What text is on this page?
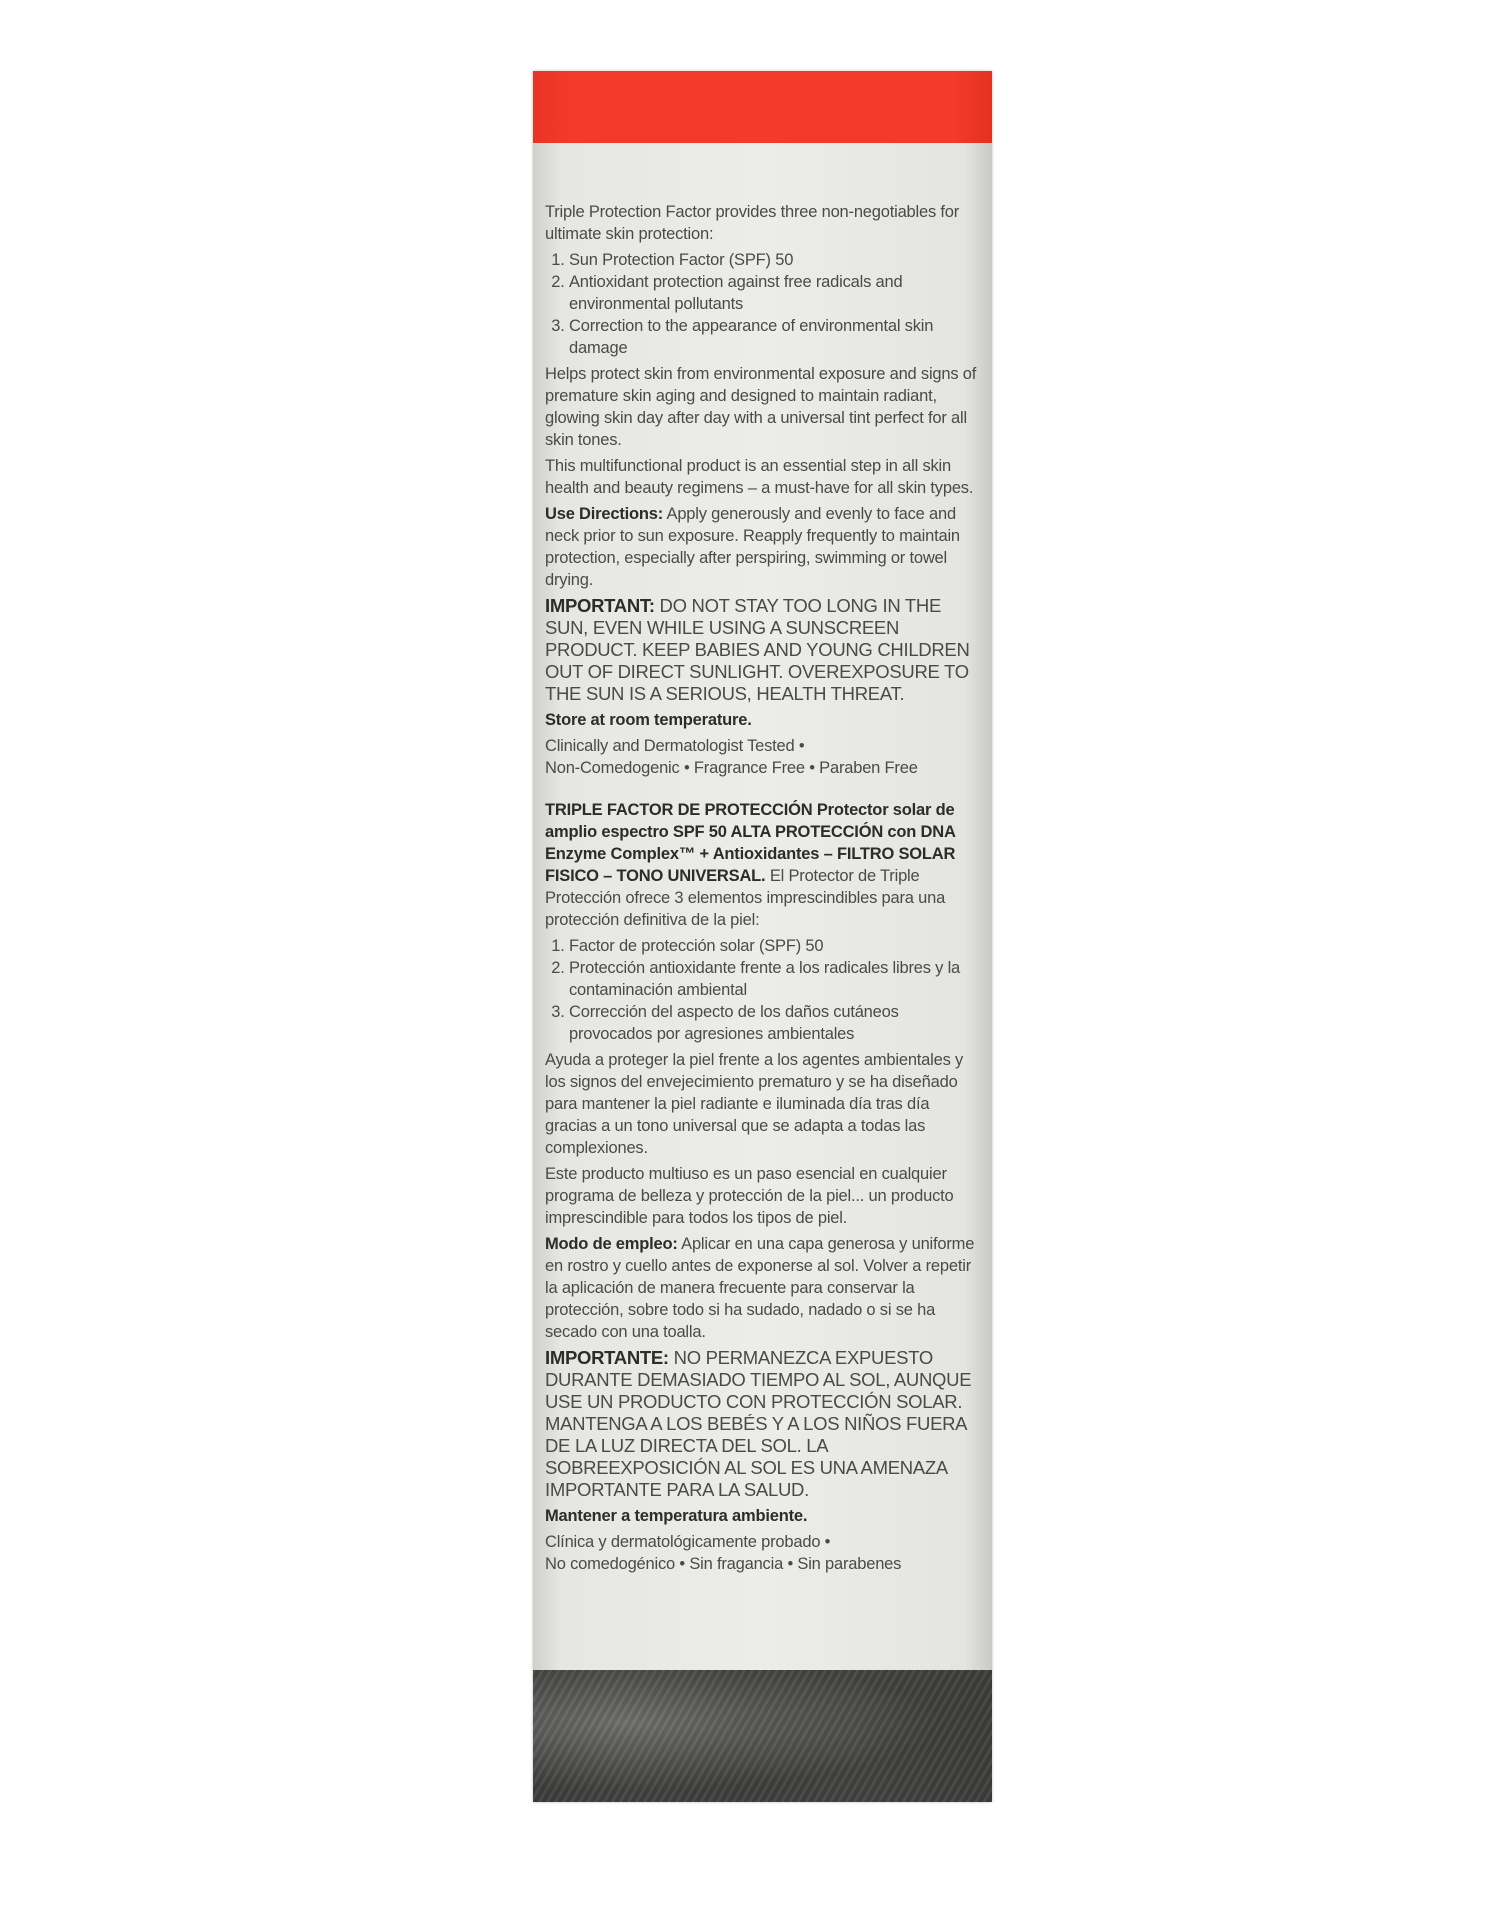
Triple Protection Factor provides three non-negotiables for ultimate skin protection:

1. Sun Protection Factor (SPF) 50
2. Antioxidant protection against free radicals and environmental pollutants
3. Correction to the appearance of environmental skin damage

Helps protect skin from environmental exposure and signs of premature skin aging and designed to maintain radiant, glowing skin day after day with a universal tint perfect for all skin tones.

This multifunctional product is an essential step in all skin health and beauty regimens – a must-have for all skin types.

Use Directions: Apply generously and evenly to face and neck prior to sun exposure. Reapply frequently to maintain protection, especially after perspiring, swimming or towel drying.

IMPORTANT: DO NOT STAY TOO LONG IN THE SUN, EVEN WHILE USING A SUNSCREEN PRODUCT. KEEP BABIES AND YOUNG CHILDREN OUT OF DIRECT SUNLIGHT. OVEREXPOSURE TO THE SUN IS A SERIOUS, HEALTH THREAT.

Store at room temperature.

Clinically and Dermatologist Tested •
Non-Comedogenic • Fragrance Free • Paraben Free

TRIPLE FACTOR DE PROTECCIÓN Protector solar de amplio espectro SPF 50 ALTA PROTECCIÓN con DNA Enzyme Complex™ + Antioxidantes – FILTRO SOLAR FISICO – TONO UNIVERSAL. El Protector de Triple Protección ofrece 3 elementos imprescindibles para una protección definitiva de la piel:

1. Factor de protección solar (SPF) 50
2. Protección antioxidante frente a los radicales libres y la contaminación ambiental
3. Corrección del aspecto de los daños cutáneos provocados por agresiones ambientales

Ayuda a proteger la piel frente a los agentes ambientales y los signos del envejecimiento prematuro y se ha diseñado para mantener la piel radiante e iluminada día tras día gracias a un tono universal que se adapta a todas las complexiones.

Este producto multiuso es un paso esencial en cualquier programa de belleza y protección de la piel... un producto imprescindible para todos los tipos de piel.

Modo de empleo: Aplicar en una capa generosa y uniforme en rostro y cuello antes de exponerse al sol. Volver a repetir la aplicación de manera frecuente para conservar la protección, sobre todo si ha sudado, nadado o si se ha secado con una toalla.

IMPORTANTE: NO PERMANEZCA EXPUESTO DURANTE DEMASIADO TIEMPO AL SOL, AUNQUE USE UN PRODUCTO CON PROTECCIÓN SOLAR. MANTENGA A LOS BEBÉS Y A LOS NIÑOS FUERA DE LA LUZ DIRECTA DEL SOL. LA SOBREEXPOSICIÓN AL SOL ES UNA AMENAZA IMPORTANTE PARA LA SALUD.

Mantener a temperatura ambiente.

Clínica y dermatológicamente probado •
No comedogénico • Sin fragancia • Sin parabenes
